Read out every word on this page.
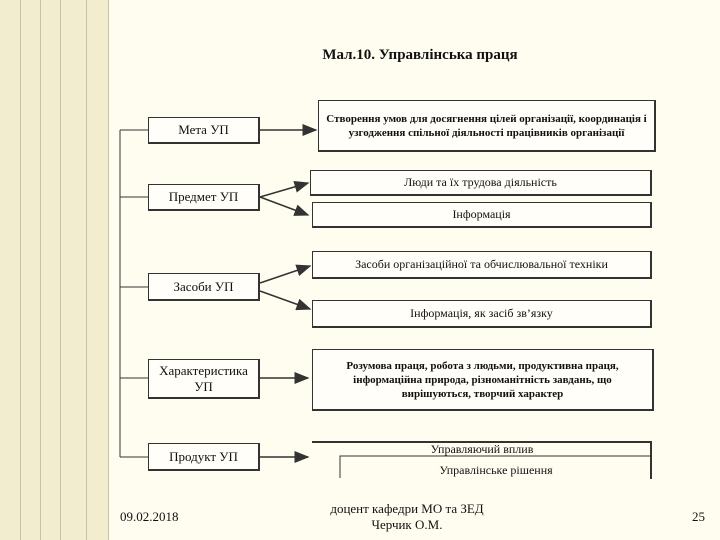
Мал.10. Управлінська праця
Мета УП
Предмет УП
Засоби УП
Характеристика УП
Продукт УП
Створення умов для досягнення цілей організації, координація і узгодження спільної діяльності працівників організації
Люди та їх трудова діяльність
Інформація
Засоби організаційної та обчислювальної техніки
Інформація, як засіб зв’язку
Розумова праця, робота з людьми, продуктивна праця, інформаційна природа, різноманітність завдань, що вирішуються, творчий характер
Управляючий вплив
Управлінське рішення
09.02.2018
доцент кафедри МО та ЗЕД
Черчик О.М.
25
